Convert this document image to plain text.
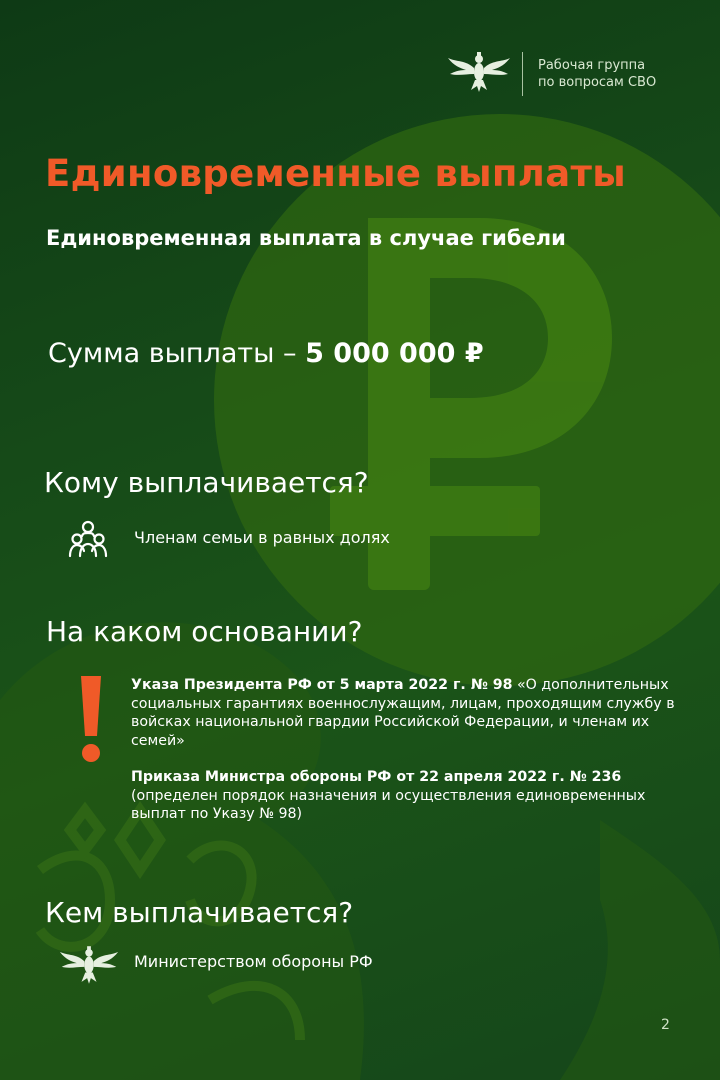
Рабочая группа
по вопросам СВО
Единовременные выплаты
Единовременная выплата в случае гибели
Сумма выплаты – 5 000 000 ₽
Кому выплачивается?
Членам семьи в равных долях
На каком основании?

Указа Президента РФ от 5 марта 2022 г. № 98 «О дополнительных социальных гарантиях военнослужащим, лицам, проходящим службу в войсках национальной гвардии Российской Федерации, и членам их семей»

Приказа Министра обороны РФ от 22 апреля 2022 г. № 236 (определен порядок назначения и осуществления единовременных выплат по Указу № 98)

Кем выплачивается?
Министерством обороны РФ
2
